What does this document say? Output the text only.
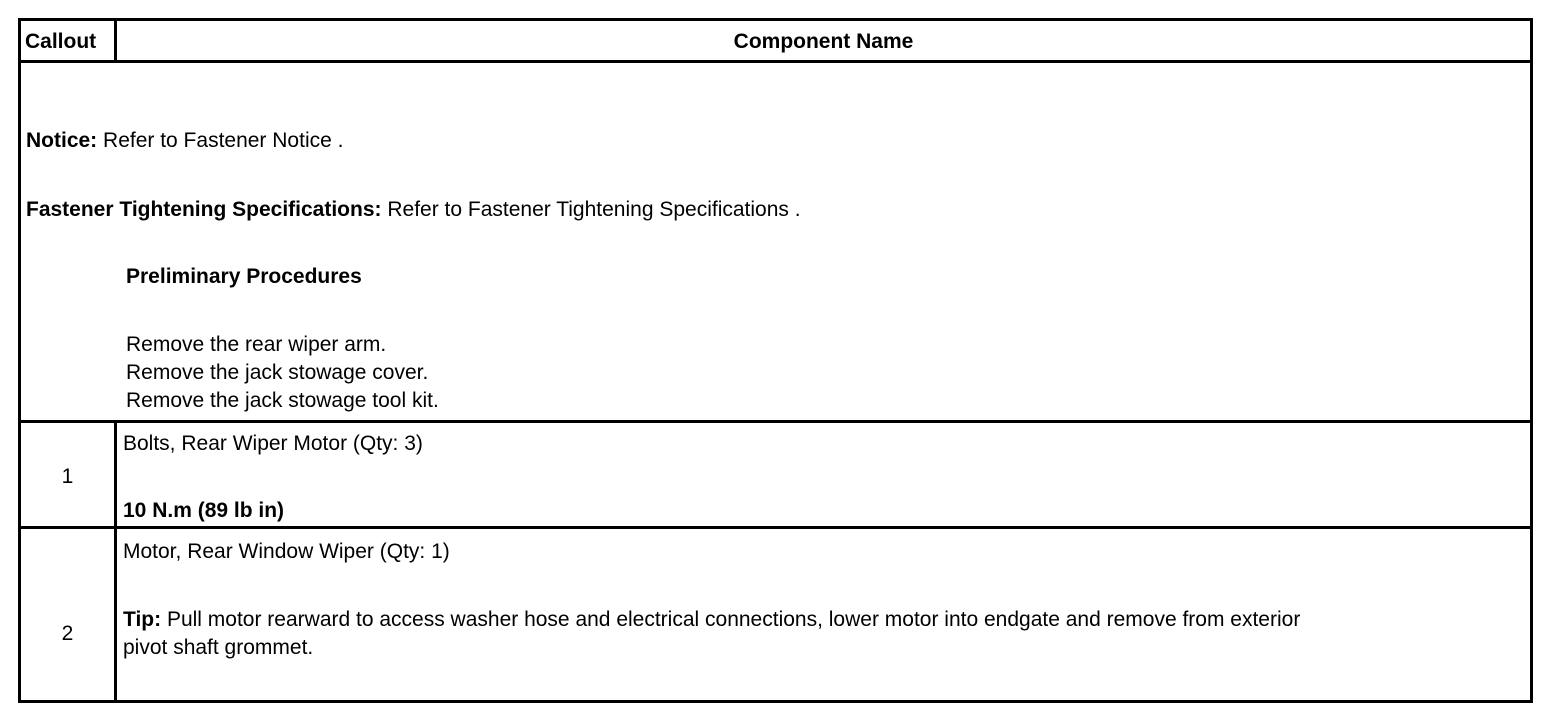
Callout	Component Name
Notice: Refer to Fastener Notice .
Fastener Tightening Specifications: Refer to Fastener Tightening Specifications .
Preliminary Procedures
Remove the rear wiper arm.
Remove the jack stowage cover.
Remove the jack stowage tool kit.
1
Bolts, Rear Wiper Motor (Qty: 3)
10 N.m (89 lb in)
2
Motor, Rear Window Wiper (Qty: 1)
Tip: Pull motor rearward to access washer hose and electrical connections, lower motor into endgate and remove from exterior
pivot shaft grommet.
